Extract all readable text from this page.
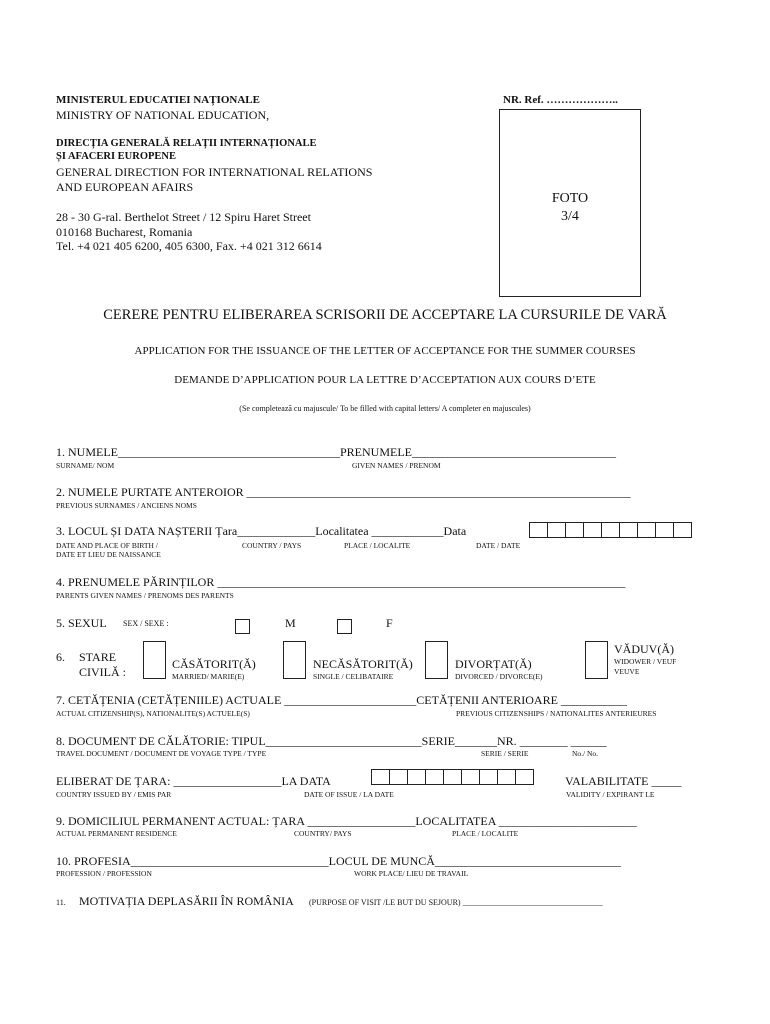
MINISTERUL EDUCATIEI NAȚIONALE
MINISTRY OF NATIONAL EDUCATION,
DIRECȚIA GENERALĂ RELAȚII INTERNAȚIONALE
ȘI AFACERI EUROPENE
GENERAL DIRECTION FOR INTERNATIONAL RELATIONS
AND EUROPEAN AFAIRS
28 - 30 G-ral. Berthelot Street / 12 Spiru Haret Street
010168 Bucharest, Romania
Tel. +4 021 405 6200, 405 6300, Fax. +4 021 312 6614
NR. Ref. ………………..
FOTO
3/4
CERERE PENTRU ELIBERAREA SCRISORII DE ACCEPTARE LA CURSURILE DE VARĂ
APPLICATION FOR THE ISSUANCE OF THE LETTER OF ACCEPTANCE FOR THE SUMMER COURSES
DEMANDE D’APPLICATION POUR LA LETTRE D’ACCEPTATION AUX COURS D’ETE
(Se completează cu majuscule/ To be filled with capital letters/ A completer en majuscules)
1. NUMELE_____________________________________PRENUMELE__________________________________
SURNAME/ NOM	GIVEN NAMES / PRENOM
2. NUMELE PURTATE ANTEROIOR ________________________________________________________________
PREVIOUS SURNAMES / ANCIENS NOMS
3. LOCUL ȘI DATA NAȘTERII Țara_____________Localitatea ____________Data
DATE AND PLACE OF BIRTH /
DATE ET LIEU DE NAISSANCE
COUNTRY / PAYS	PLACE / LOCALITE	DATE / DATE
4. PRENUMELE PĂRINȚILOR ____________________________________________________________________
PARENTS GIVEN NAMES / PRENOMS DES PARENTS
5. SEXUL SEX / SEXE :	M	F
6. STARE
CIVILĂ :
CĂSĂTORIT(Ă)
MARRIED/ MARIE(E)
NECĂSĂTORIT(Ă)
SINGLE / CELIBATAIRE
DIVORȚAT(Ă)
DIVORCED / DIVORCE(E)
VĂDUV(Ă)
WIDOWER / VEUF
VEUVE
7. CETĂȚENIA (CETĂȚENIILE) ACTUALE ______________________CETĂȚENII ANTERIOARE ___________
ACTUAL CITIZENSHIP(S), NATIONALITE(S) ACTUELE(S)	PREVIOUS CITIZENSHIPS / NATIONALITES ANTERIEURES
8. DOCUMENT DE CĂLĂTORIE: TIPUL__________________________SERIE_______NR. ________ ______
TRAVEL DOCUMENT / DOCUMENT DE VOYAGE TYPE / TYPE	SERIE / SERIE	No./ No.
ELIBERAT DE ȚARA: __________________LA DATA	VALABILITATE _____
COUNTRY ISSUED BY / EMIS PAR	DATE OF ISSUE / LA DATE	VALIDITY / EXPIRANT LE
9. DOMICILIUL PERMANENT ACTUAL: ȚARA __________________LOCALITATEA _______________________
ACTUAL PERMANENT RESIDENCE	COUNTRY/ PAYS	PLACE / LOCALITE
10. PROFESIA_________________________________LOCUL DE MUNCĂ_______________________________
PROFESSION / PROFESSION	WORK PLACE/ LIEU DE TRAVAIL
11. MOTIVAȚIA DEPLASĂRII ÎN ROMÂNIA (PURPOSE OF VISIT /LE BUT DU SEJOUR) ___________________________________
